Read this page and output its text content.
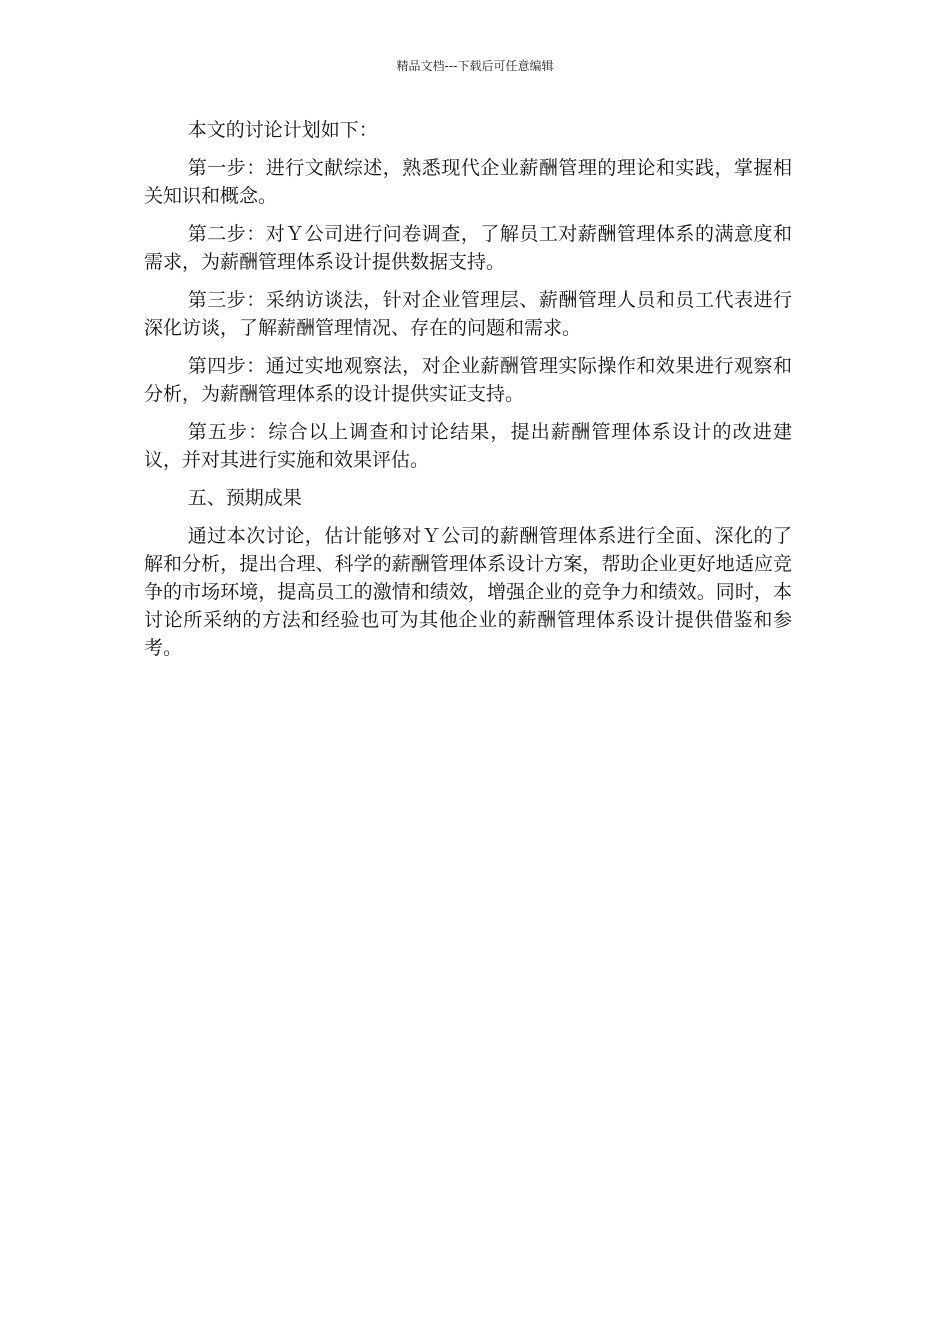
精品文档---下载后可任意编辑

本文的讨论计划如下：

第一步：进行文献综述，熟悉现代企业薪酬管理的理论和实践，掌握相关知识和概念。

第二步：对Ｙ公司进行问卷调查，了解员工对薪酬管理体系的满意度和需求，为薪酬管理体系设计提供数据支持。

第三步：采纳访谈法，针对企业管理层、薪酬管理人员和员工代表进行深化访谈，了解薪酬管理情况、存在的问题和需求。

第四步：通过实地观察法，对企业薪酬管理实际操作和效果进行观察和分析，为薪酬管理体系的设计提供实证支持。

第五步：综合以上调查和讨论结果，提出薪酬管理体系设计的改进建议，并对其进行实施和效果评估。

五、预期成果

通过本次讨论，估计能够对Ｙ公司的薪酬管理体系进行全面、深化的了解和分析，提出合理、科学的薪酬管理体系设计方案，帮助企业更好地适应竞争的市场环境，提高员工的激情和绩效，增强企业的竞争力和绩效。同时，本讨论所采纳的方法和经验也可为其他企业的薪酬管理体系设计提供借鉴和参考。
